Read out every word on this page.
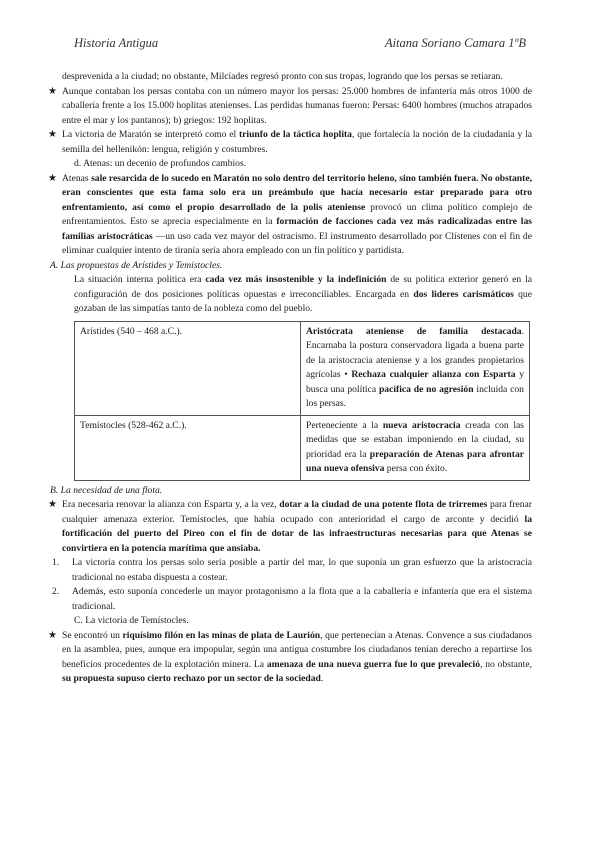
Historia Antigua	Aitana Soriano Camara 1ºB

desprevenida a la ciudad; no obstante, Milcíades regresó pronto con sus tropas, logrando que los persas se retiaran.

★ Aunque contaban los persas contaba con un número mayor los persas: 25.000 hombres de infantería más otros 1000 de caballería frente a los 15.000 hoplitas atenienses. Las perdidas humanas fueron: Persas: 6400 hombres (muchos atrapados entre el mar y los pantanos); b) griegos: 192 hoplitas.

★ La victoria de Maratón se interpretó como el triunfo de la táctica hoplita, que fortalecía la noción de la ciudadanía y la semilla del hellenikón: lengua, religión y costumbres.

d. Atenas: un decenio de profundos cambios.

★ Atenas sale resarcida de lo sucedo en Maratón no solo dentro del territorio heleno, sino también fuera. No obstante, eran conscientes que esta fama solo era un preámbulo que hacía necesario estar preparado para otro enfrentamiento, así como el propio desarrollado de la polis ateniense provocó un clima político complejo de enfrentamientos. Esto se aprecia especialmente en la formación de facciones cada vez más radicalizadas entre las familias aristocráticas —un uso cada vez mayor del ostracismo. El instrumento desarrollado por Clístenes con el fin de eliminar cualquier intento de tiranía sería ahora empleado con un fin político y partidista.

A. Las propuestas de Arístides y Temístocles.

La situación interna política era cada vez más insostenible y la indefinición de su política exterior generó en la configuración de dos posiciones políticas opuestas e irreconciliables. Encargada en dos lideres carismáticos que gozaban de las simpatías tanto de la nobleza como del pueblo.

Arístides (540 – 468 a.C.).	Aristócrata ateniense de familia destacada. Encarnaba la postura conservadora ligada a buena parte de la aristocracia ateniense y a los grandes propietarios agrícolas • Rechaza cualquier alianza con Esparta y busca una política pacífica de no agresión incluida con los persas.
Temístocles (528-462 a.C.).	Perteneciente a la nueva aristocracia creada con las medidas que se estaban imponiendo en la ciudad, su prioridad era la preparación de Atenas para afrontar una nueva ofensiva persa con éxito.

B. La necesidad de una flota.

★ Era necesaria renovar la alianza con Esparta y, a la vez, dotar a la ciudad de una potente flota de trirremes para frenar cualquier amenaza exterior. Temístocles, que había ocupado con anterioridad el cargo de arconte y decidió la fortificación del puerto del Pireo con el fin de dotar de las infraestructuras necesarias para que Atenas se convirtiera en la potencia marítima que ansiaba.

1. La victoria contra los persas solo sería posible a partir del mar, lo que suponía un gran esfuerzo que la aristocracia tradicional no estaba dispuesta a costear.

2. Además, esto suponía concederle un mayor protagonismo a la flota que a la caballería e infantería que era el sistema tradicional.

C. La victoria de Temístocles.

★ Se encontró un riquísimo filón en las minas de plata de Laurión, que pertenecían a Atenas. Convence a sus ciudadanos en la asamblea, pues, aunque era impopular, según una antigua costumbre los ciudadanos tenían derecho a repartirse los beneficios procedentes de la explotación minera. La amenaza de una nueva guerra fue lo que prevaleció, no obstante, su propuesta supuso cierto rechazo por un sector de la sociedad.
